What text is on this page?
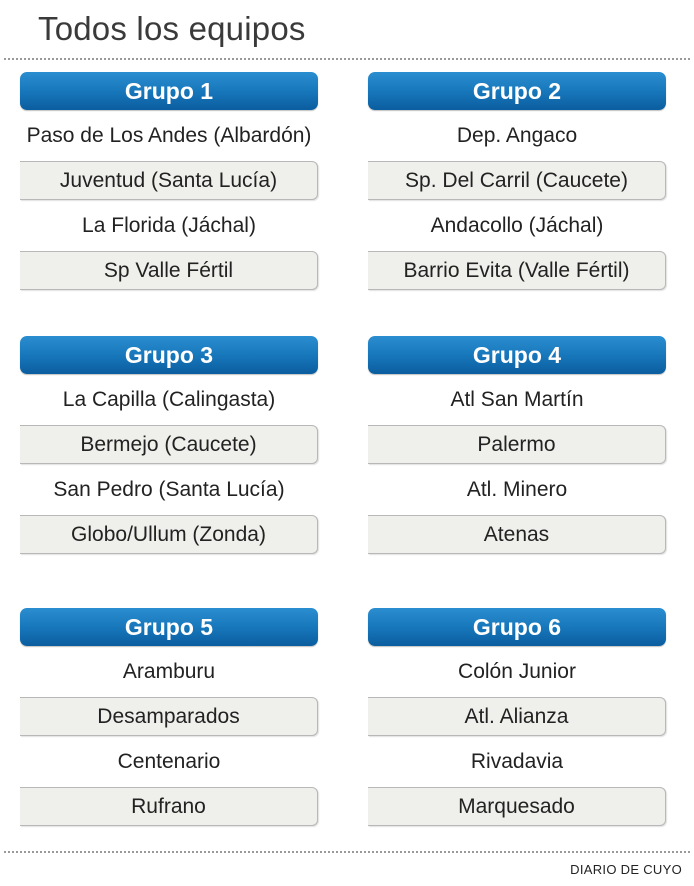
Todos los equipos
Grupo 1
Paso de Los Andes (Albardón)
Juventud (Santa Lucía)
La Florida (Jáchal)
Sp Valle Fértil
Grupo 2
Dep. Angaco
Sp. Del Carril (Caucete)
Andacollo (Jáchal)
Barrio Evita (Valle Fértil)
Grupo 3
La Capilla (Calingasta)
Bermejo (Caucete)
San Pedro (Santa Lucía)
Globo/Ullum (Zonda)
Grupo 4
Atl San Martín
Palermo
Atl. Minero
Atenas
Grupo 5
Aramburu
Desamparados
Centenario
Rufrano
Grupo 6
Colón Junior
Atl. Alianza
Rivadavia
Marquesado
DIARIO DE CUYO
